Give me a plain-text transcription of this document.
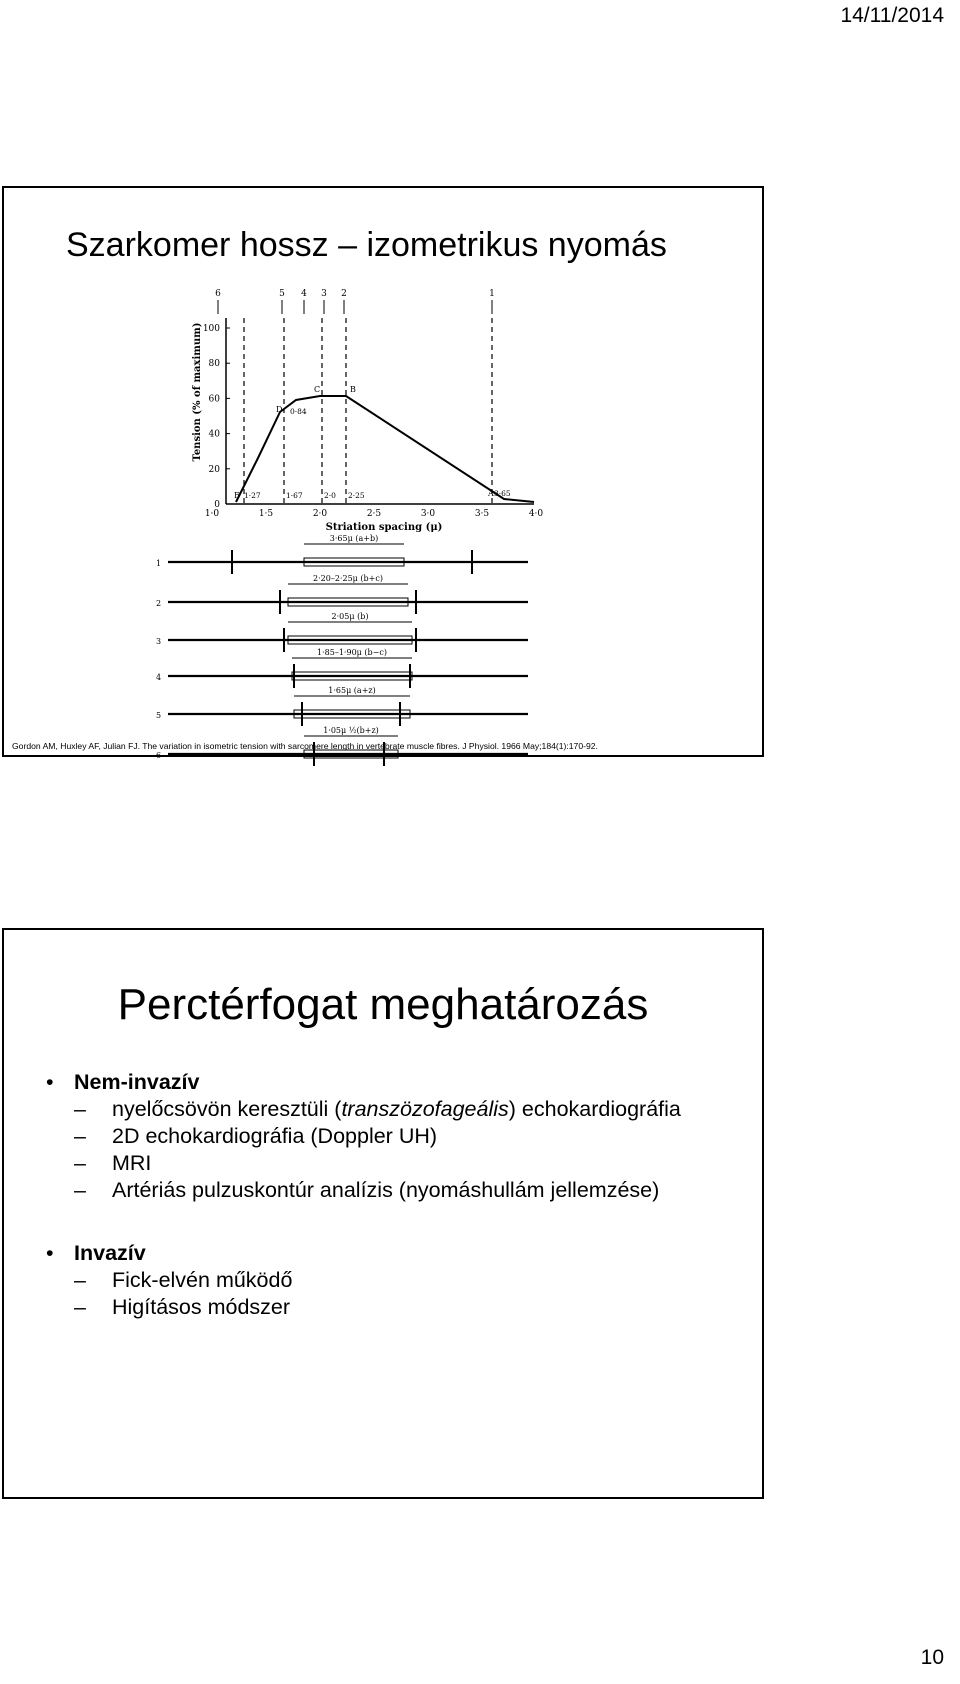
14/11/2014
Szarkomer hossz – izometrikus nyomás
Tension (% of maximum) 100
80
60
40
20
0
1·0	1·5	2·0	2·5	3·0	3·5	4·0
6	5 4 3 2	1
E
D
C	B
A
1·27
0·84
1·67	2·0 2·25	3·65
Striation spacing (μ)
1
3·65μ (a+b)
2
2·20–2·25μ (b+c)
3
2·05μ (b)
4
1·85–1·90μ (b−c)
5
1·65μ (a+z)
6
1·05μ ½(b+z)
Gordon AM, Huxley AF, Julian FJ. The variation in isometric tension with sarcomere length in vertebrate muscle fibres. J Physiol. 1966 May;184(1):170-92.
Perctérfogat meghatározás
• Nem-invazív
– nyelőcsövön keresztüli (transzözofageális) echokardiográfia
– 2D echokardiográfia (Doppler UH)
– MRI
– Artériás pulzuskontúr analízis (nyomáshullám jellemzése)
• Invazív
– Fick-elvén működő
– Higításos módszer
10
